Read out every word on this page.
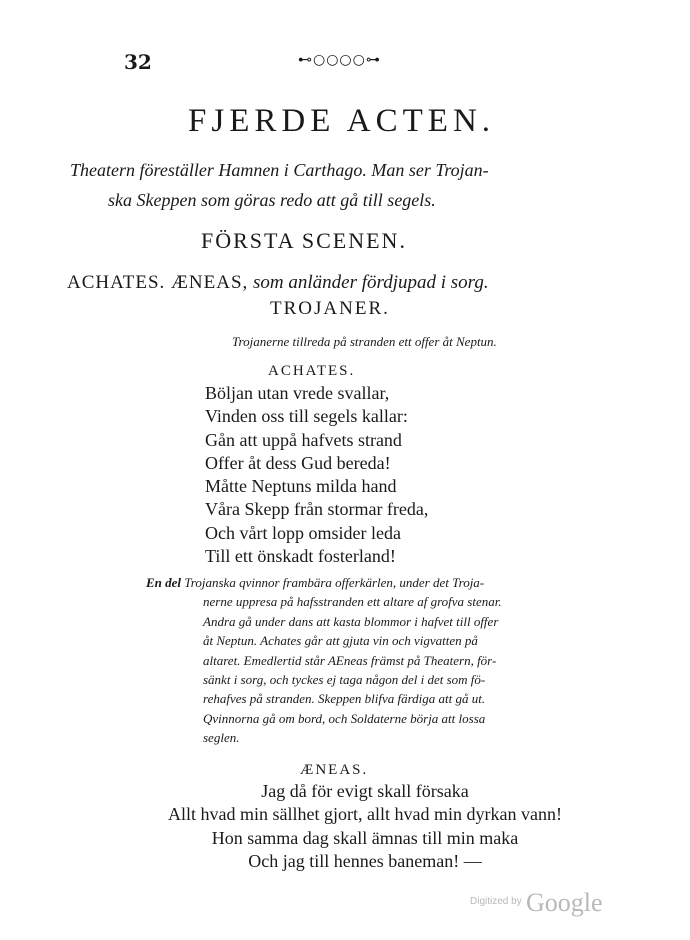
32	⊷○○○○⊶
FJERDE ACTEN.
Theatern föreställer Hamnen i Carthago. Man ser Trojan-
ska Skeppen som göras redo att gå till segels.
FÖRSTA SCENEN.
ACHATES. ÆNEAS, som anländer fördjupad i sorg.
TROJANER.
Trojanerne tillreda på stranden ett offer åt Neptun.
ACHATES.
Böljan utan vrede svallar,
Vinden oss till segels kallar:
Gån att uppå hafvets strand
Offer åt dess Gud bereda!
Måtte Neptuns milda hand
Våra Skepp från stormar freda,
Och vårt lopp omsider leda
Till ett önskadt fosterland!
En del Trojanska qvinnor frambära offerkärlen, under det Troja-
nerne uppresa på hafsstranden ett altare af grofva stenar.
Andra gå under dans att kasta blommor i hafvet till offer
åt Neptun. Achates går att gjuta vin och vigvatten på
altaret. Emedlertid står AEneas främst på Theatern, för-
sänkt i sorg, och tyckes ej taga någon del i det som fö-
rehafves på stranden. Skeppen blifva färdiga att gå ut.
Qvinnorna gå om bord, och Soldaterne börja att lossa
seglen.
ÆNEAS.
Jag då för evigt skall försaka
Allt hvad min sällhet gjort, allt hvad min dyrkan vann!
Hon samma dag skall ämnas till min maka
Och jag till hennes baneman! —
Digitized by Google
